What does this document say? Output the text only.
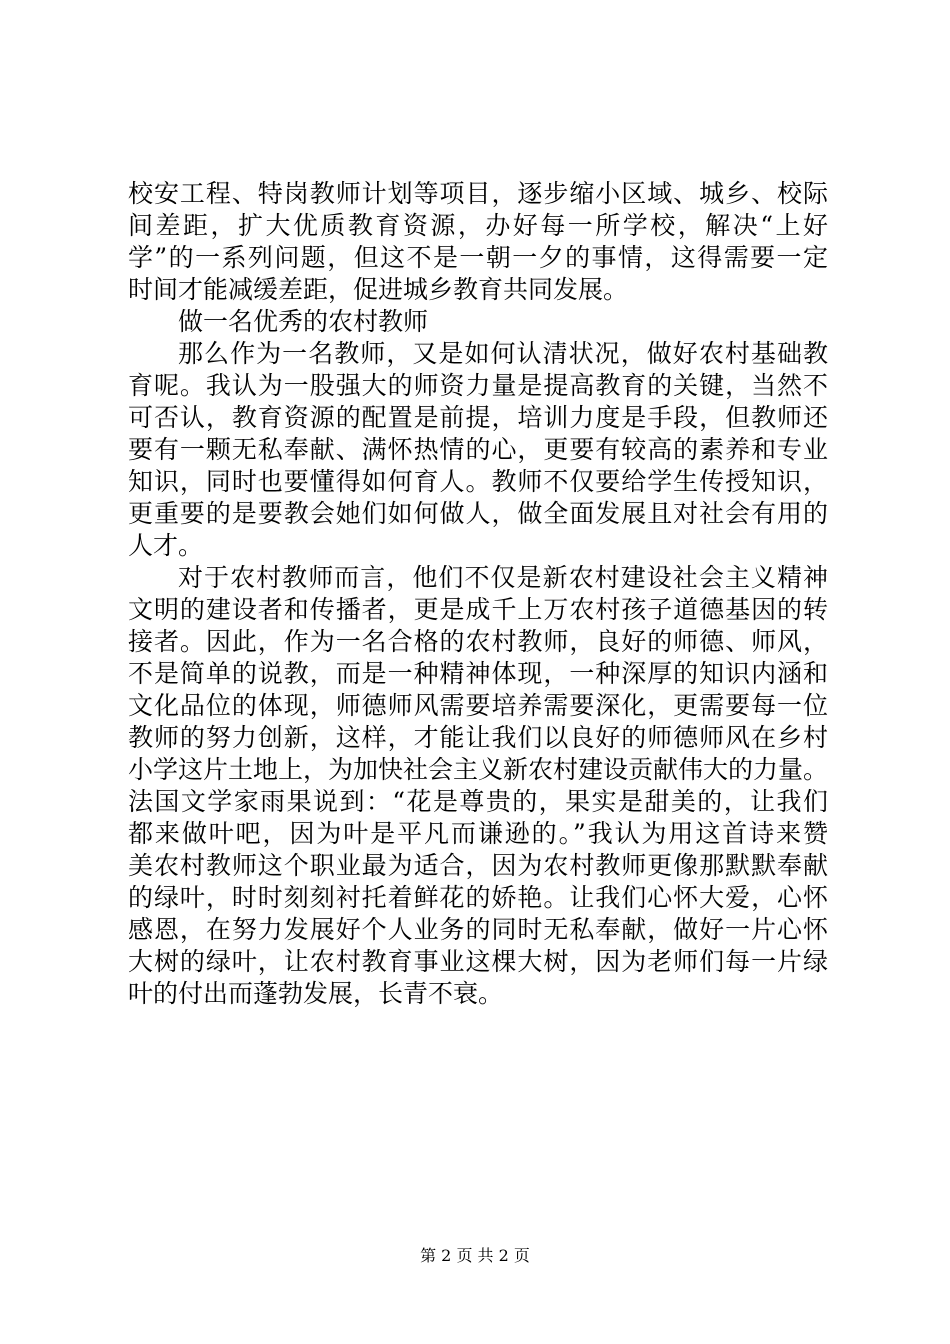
校安工程、特岗教师计划等项目，逐步缩小区域、城乡、校际
间差距，扩大优质教育资源，办好每一所学校，解决“上好
学”的一系列问题，但这不是一朝一夕的事情，这得需要一定
时间才能减缓差距，促进城乡教育共同发展。
做一名优秀的农村教师
那么作为一名教师，又是如何认清状况，做好农村基础教
育呢。我认为一股强大的师资力量是提高教育的关键，当然不
可否认，教育资源的配置是前提，培训力度是手段，但教师还
要有一颗无私奉献、满怀热情的心，更要有较高的素养和专业
知识，同时也要懂得如何育人。教师不仅要给学生传授知识，
更重要的是要教会她们如何做人，做全面发展且对社会有用的
人才。
对于农村教师而言，他们不仅是新农村建设社会主义精神
文明的建设者和传播者，更是成千上万农村孩子道德基因的转
接者。因此，作为一名合格的农村教师，良好的师德、师风，
不是简单的说教，而是一种精神体现，一种深厚的知识内涵和
文化品位的体现，师德师风需要培养需要深化，更需要每一位
教师的努力创新，这样，才能让我们以良好的师德师风在乡村
小学这片土地上，为加快社会主义新农村建设贡献伟大的力量。
法国文学家雨果说到：“花是尊贵的，果实是甜美的，让我们
都来做叶吧，因为叶是平凡而谦逊的。”我认为用这首诗来赞
美农村教师这个职业最为适合，因为农村教师更像那默默奉献
的绿叶，时时刻刻衬托着鲜花的娇艳。让我们心怀大爱，心怀
感恩，在努力发展好个人业务的同时无私奉献，做好一片心怀
大树的绿叶，让农村教育事业这棵大树，因为老师们每一片绿
叶的付出而蓬勃发展，长青不衰。
第 2 页 共 2 页
